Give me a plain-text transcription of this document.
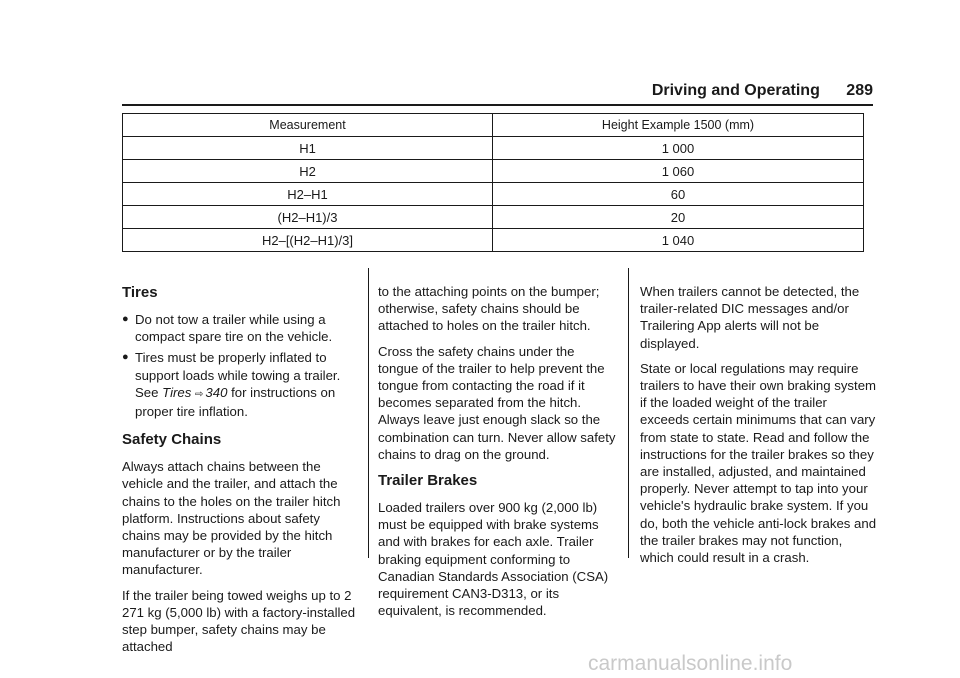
Driving and Operating 289
Measurement	Height Example 1500 (mm)
H1	1 000
H2	1 060
H2–H1	60
(H2–H1)/3	20
H2–[(H2–H1)/3]	1 040
Tires
● Do not tow a trailer while using a compact spare tire on the vehicle.
● Tires must be properly inflated to support loads while towing a trailer. See Tires ⇨ 340 for instructions on proper tire inflation.
Safety Chains

Always attach chains between the vehicle and the trailer, and attach the chains to the holes on the trailer hitch platform. Instructions about safety chains may be provided by the hitch manufacturer or by the trailer manufacturer.

If the trailer being towed weighs up to 2 271 kg (5,000 lb) with a factory-installed step bumper, safety chains may be attached

to the attaching points on the bumper; otherwise, safety chains should be attached to holes on the trailer hitch.

Cross the safety chains under the tongue of the trailer to help prevent the tongue from contacting the road if it becomes separated from the hitch. Always leave just enough slack so the combination can turn. Never allow safety chains to drag on the ground.

Trailer Brakes

Loaded trailers over 900 kg (2,000 lb) must be equipped with brake systems and with brakes for each axle. Trailer braking equipment conforming to Canadian Standards Association (CSA) requirement CAN3-D313, or its equivalent, is recommended.

When trailers cannot be detected, the trailer-related DIC messages and/or Trailering App alerts will not be displayed.

State or local regulations may require trailers to have their own braking system if the loaded weight of the trailer exceeds certain minimums that can vary from state to state. Read and follow the instructions for the trailer brakes so they are installed, adjusted, and maintained properly. Never attempt to tap into your vehicle's hydraulic brake system. If you do, both the vehicle anti-lock brakes and the trailer brakes may not function, which could result in a crash.

carmanualsonline.info
